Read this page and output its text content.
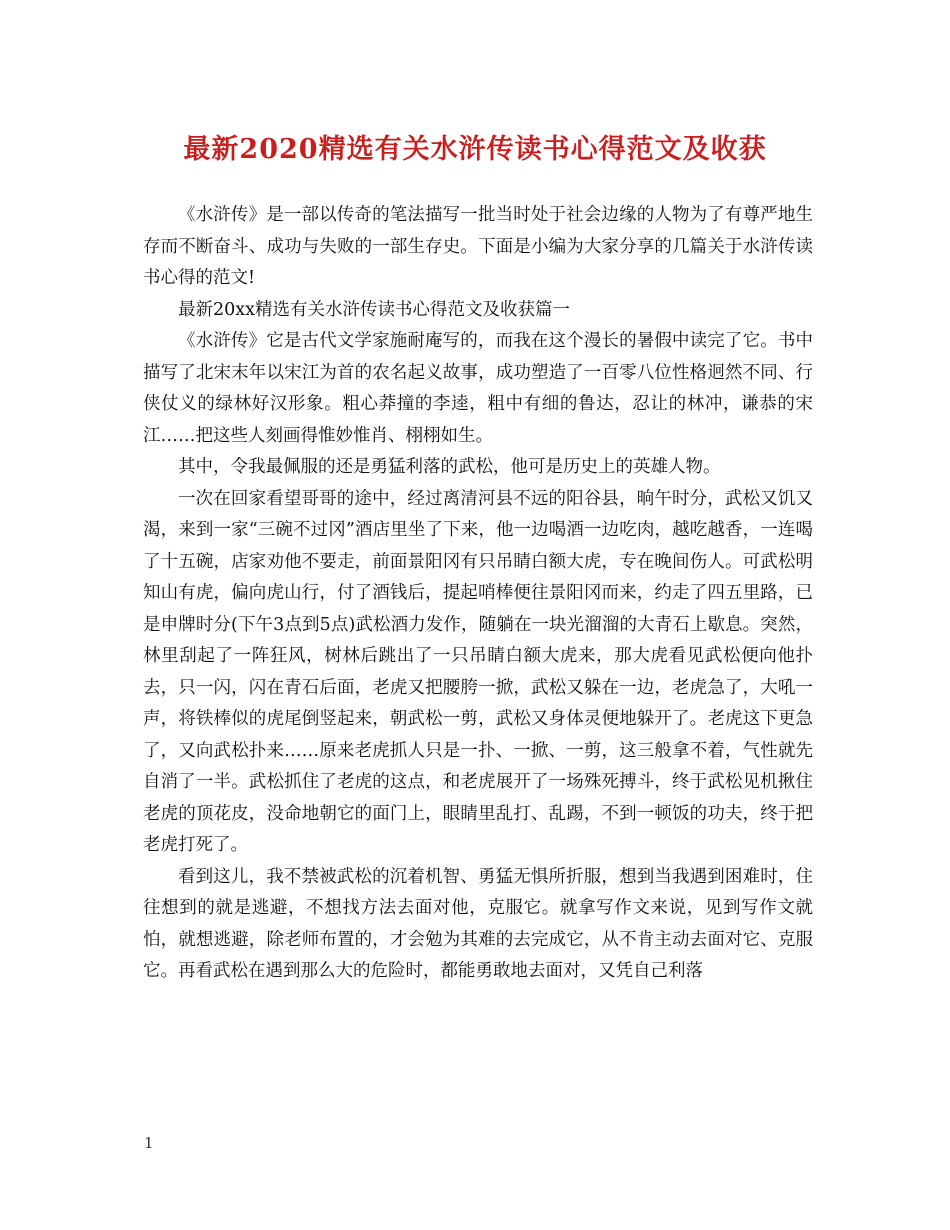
最新2020精选有关水浒传读书心得范文及收获

《水浒传》是一部以传奇的笔法描写一批当时处于社会边缘的人物为了有尊严地生存而不断奋斗、成功与失败的一部生存史。下面是小编为大家分享的几篇关于水浒传读书心得的范文!

最新20xx精选有关水浒传读书心得范文及收获篇一

《水浒传》它是古代文学家施耐庵写的，而我在这个漫长的暑假中读完了它。书中描写了北宋末年以宋江为首的农名起义故事，成功塑造了一百零八位性格迥然不同、行侠仗义的绿林好汉形象。粗心莽撞的李逵，粗中有细的鲁达，忍让的林冲，谦恭的宋江……把这些人刻画得惟妙惟肖、栩栩如生。

其中，令我最佩服的还是勇猛利落的武松，他可是历史上的英雄人物。

一次在回家看望哥哥的途中，经过离清河县不远的阳谷县，晌午时分，武松又饥又渴，来到一家“三碗不过冈”酒店里坐了下来，他一边喝酒一边吃肉，越吃越香，一连喝了十五碗，店家劝他不要走，前面景阳冈有只吊睛白额大虎，专在晚间伤人。可武松明知山有虎，偏向虎山行，付了酒钱后，提起哨棒便往景阳冈而来，约走了四五里路，已是申牌时分(下午3点到5点)武松酒力发作，随躺在一块光溜溜的大青石上歇息。突然，林里刮起了一阵狂风，树林后跳出了一只吊睛白额大虎来，那大虎看见武松便向他扑去，只一闪，闪在青石后面，老虎又把腰胯一掀，武松又躲在一边，老虎急了，大吼一声，将铁棒似的虎尾倒竖起来，朝武松一剪，武松又身体灵便地躲开了。老虎这下更急了，又向武松扑来……原来老虎抓人只是一扑、一掀、一剪，这三般拿不着，气性就先自消了一半。武松抓住了老虎的这点，和老虎展开了一场殊死搏斗，终于武松见机揪住老虎的顶花皮，没命地朝它的面门上，眼睛里乱打、乱踢，不到一顿饭的功夫，终于把老虎打死了。

看到这儿，我不禁被武松的沉着机智、勇猛无惧所折服，想到当我遇到困难时，住往想到的就是逃避，不想找方法去面对他，克服它。就拿写作文来说，见到写作文就怕，就想逃避，除老师布置的，才会勉为其难的去完成它，从不肯主动去面对它、克服它。再看武松在遇到那么大的危险时，都能勇敢地去面对，又凭自己利落

1
